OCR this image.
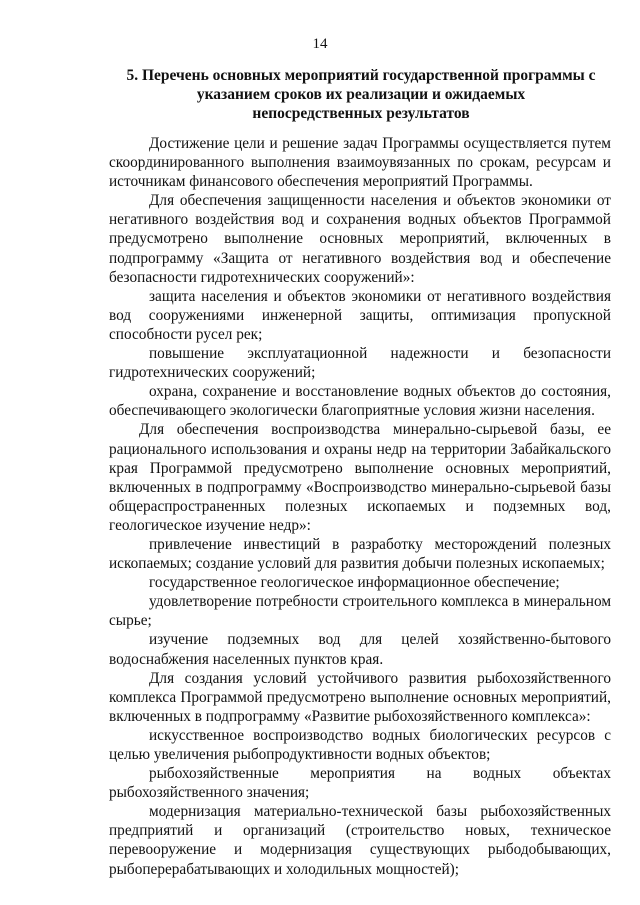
14
5. Перечень основных мероприятий государственной программы с
указанием сроков их реализации и ожидаемых
непосредственных результатов

Достижение цели и решение задач Программы осуществляется путем
скоординированного выполнения взаимоувязанных по срокам, ресурсам и
источникам финансового обеспечения мероприятий Программы.

Для обеспечения защищенности населения и объектов экономики от
негативного воздействия вод и сохранения водных объектов Программой
предусмотрено выполнение основных мероприятий, включенных в
подпрограмму «Защита от негативного воздействия вод и обеспечение
безопасности гидротехнических сооружений»:

защита населения и объектов экономики от негативного воздействия
вод сооружениями инженерной защиты, оптимизация пропускной
способности русел рек;

повышение эксплуатационной надежности и безопасности
гидротехнических сооружений;

охрана, сохранение и восстановление водных объектов до состояния,
обеспечивающего экологически благоприятные условия жизни населения.

Для обеспечения воспроизводства минерально-сырьевой базы, ее
рационального использования и охраны недр на территории Забайкальского
края Программой предусмотрено выполнение основных мероприятий,
включенных в подпрограмму «Воспроизводство минерально-сырьевой базы
общераспространенных полезных ископаемых и подземных вод,
геологическое изучение недр»:

привлечение инвестиций в разработку месторождений полезных
ископаемых; создание условий для развития добычи полезных ископаемых;

государственное геологическое информационное обеспечение;

удовлетворение потребности строительного комплекса в минеральном
сырье;

изучение подземных вод для целей хозяйственно-бытового
водоснабжения населенных пунктов края.

Для создания условий устойчивого развития рыбохозяйственного
комплекса Программой предусмотрено выполнение основных мероприятий,
включенных в подпрограмму «Развитие рыбохозяйственного комплекса»:

искусственное воспроизводство водных биологических ресурсов с
целью увеличения рыбопродуктивности водных объектов;

рыбохозяйственные мероприятия на водных объектах
рыбохозяйственного значения;

модернизация материально-технической базы рыбохозяйственных
предприятий и организаций (строительство новых, техническое
перевооружение и модернизация существующих рыбодобывающих,
рыбоперерабатывающих и холодильных мощностей);
